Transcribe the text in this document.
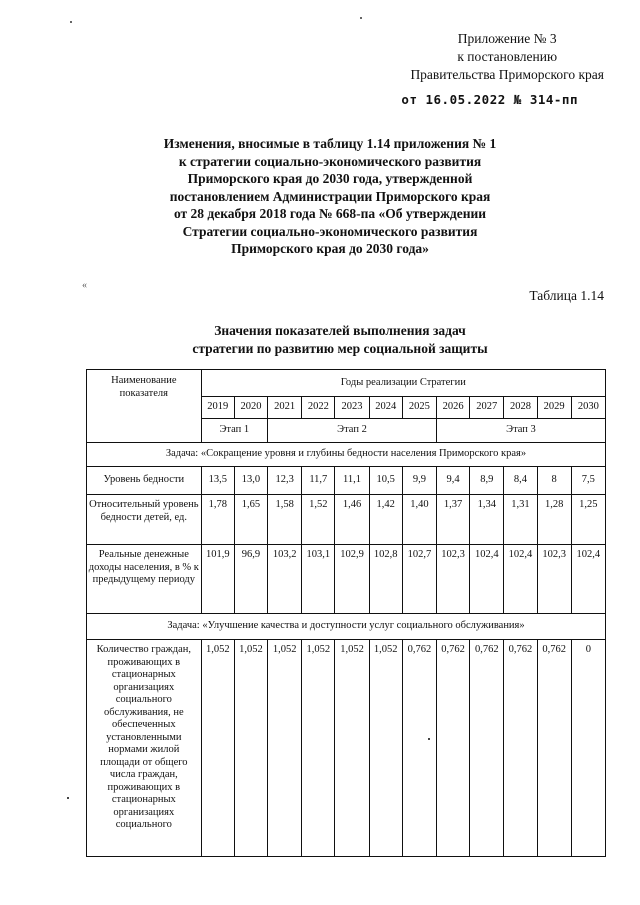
Приложение № 3
к постановлению
Правительства Приморского края
от 16.05.2022 № 314-пп
Изменения, вносимые в таблицу 1.14 приложения № 1
к стратегии социально-экономического развития
Приморского края до 2030 года, утвержденной
постановлением Администрации Приморского края
от 28 декабря 2018 года № 668-па «Об утверждении
Стратегии социально-экономического развития
Приморского края до 2030 года»
«
Таблица 1.14
Значения показателей выполнения задач
стратегии по развитию мер социальной защиты
Наименование показателя	Годы реализации Стратегии											
	2019	2020	2021	2022	2023	2024	2025	2026	2027	2028	2029	2030
	Этап 1		Этап 2					Этап 3				
Задача: «Сокращение уровня и глубины бедности населения Приморского края»												
Уровень бедности	13,5	13,0	12,3	11,7	11,1	10,5	9,9	9,4	8,9	8,4	8	7,5
Относительный уровень бедности детей, ед.	1,78	1,65	1,58	1,52	1,46	1,42	1,40	1,37	1,34	1,31	1,28	1,25
Реальные денежные доходы населения, в % к предыдущему периоду	101,9	96,9	103,2	103,1	102,9	102,8	102,7	102,3	102,4	102,4	102,3	102,4
Задача: «Улучшение качества и доступности услуг социального обслуживания»												
Количество граждан, проживающих в стационарных организациях социального обслуживания, не обеспеченных установленными нормами жилой площади от общего числа граждан, проживающих в стационарных организациях социального	1,052	1,052	1,052	1,052	1,052	1,052	0,762	0,762	0,762	0,762	0,762	0
